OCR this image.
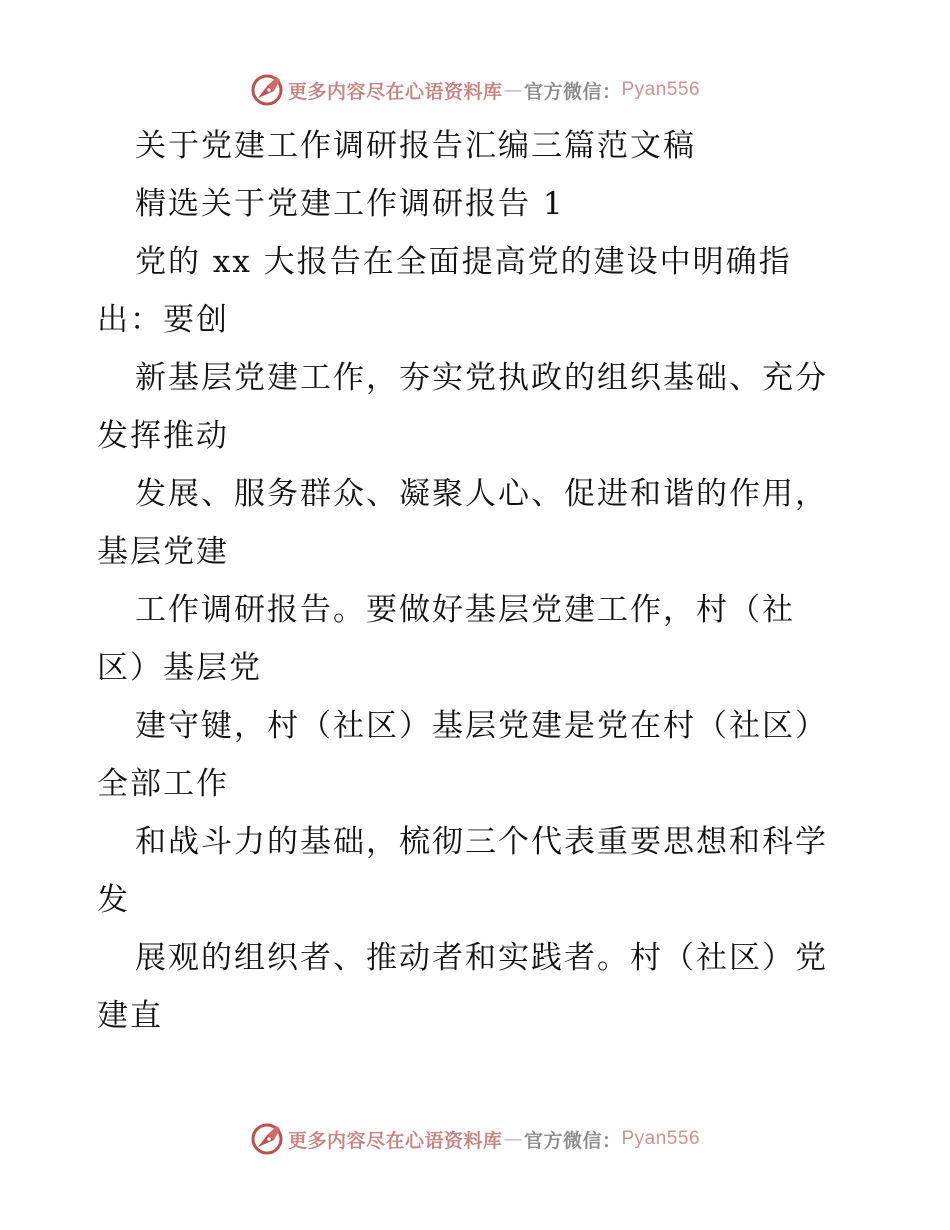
更多内容尽在心语资料库 — 官方微信： Pyan556
关于党建工作调研报告汇编三篇范文稿
精选关于党建工作调研报告 1
党的 xx 大报告在全面提高党的建设中明确指
出：要创
新基层党建工作，夯实党执政的组织基础、充分
发挥推动
发展、服务群众、凝聚人心、促进和谐的作用，
基层党建
工作调研报告。要做好基层党建工作，村（社
区）基层党
建守键，村（社区）基层党建是党在村（社区）
全部工作
和战斗力的基础，梳彻三个代表重要思想和科学
发
展观的组织者、推动者和实践者。村（社区）党
建直
更多内容尽在心语资料库 — 官方微信： Pyan556
